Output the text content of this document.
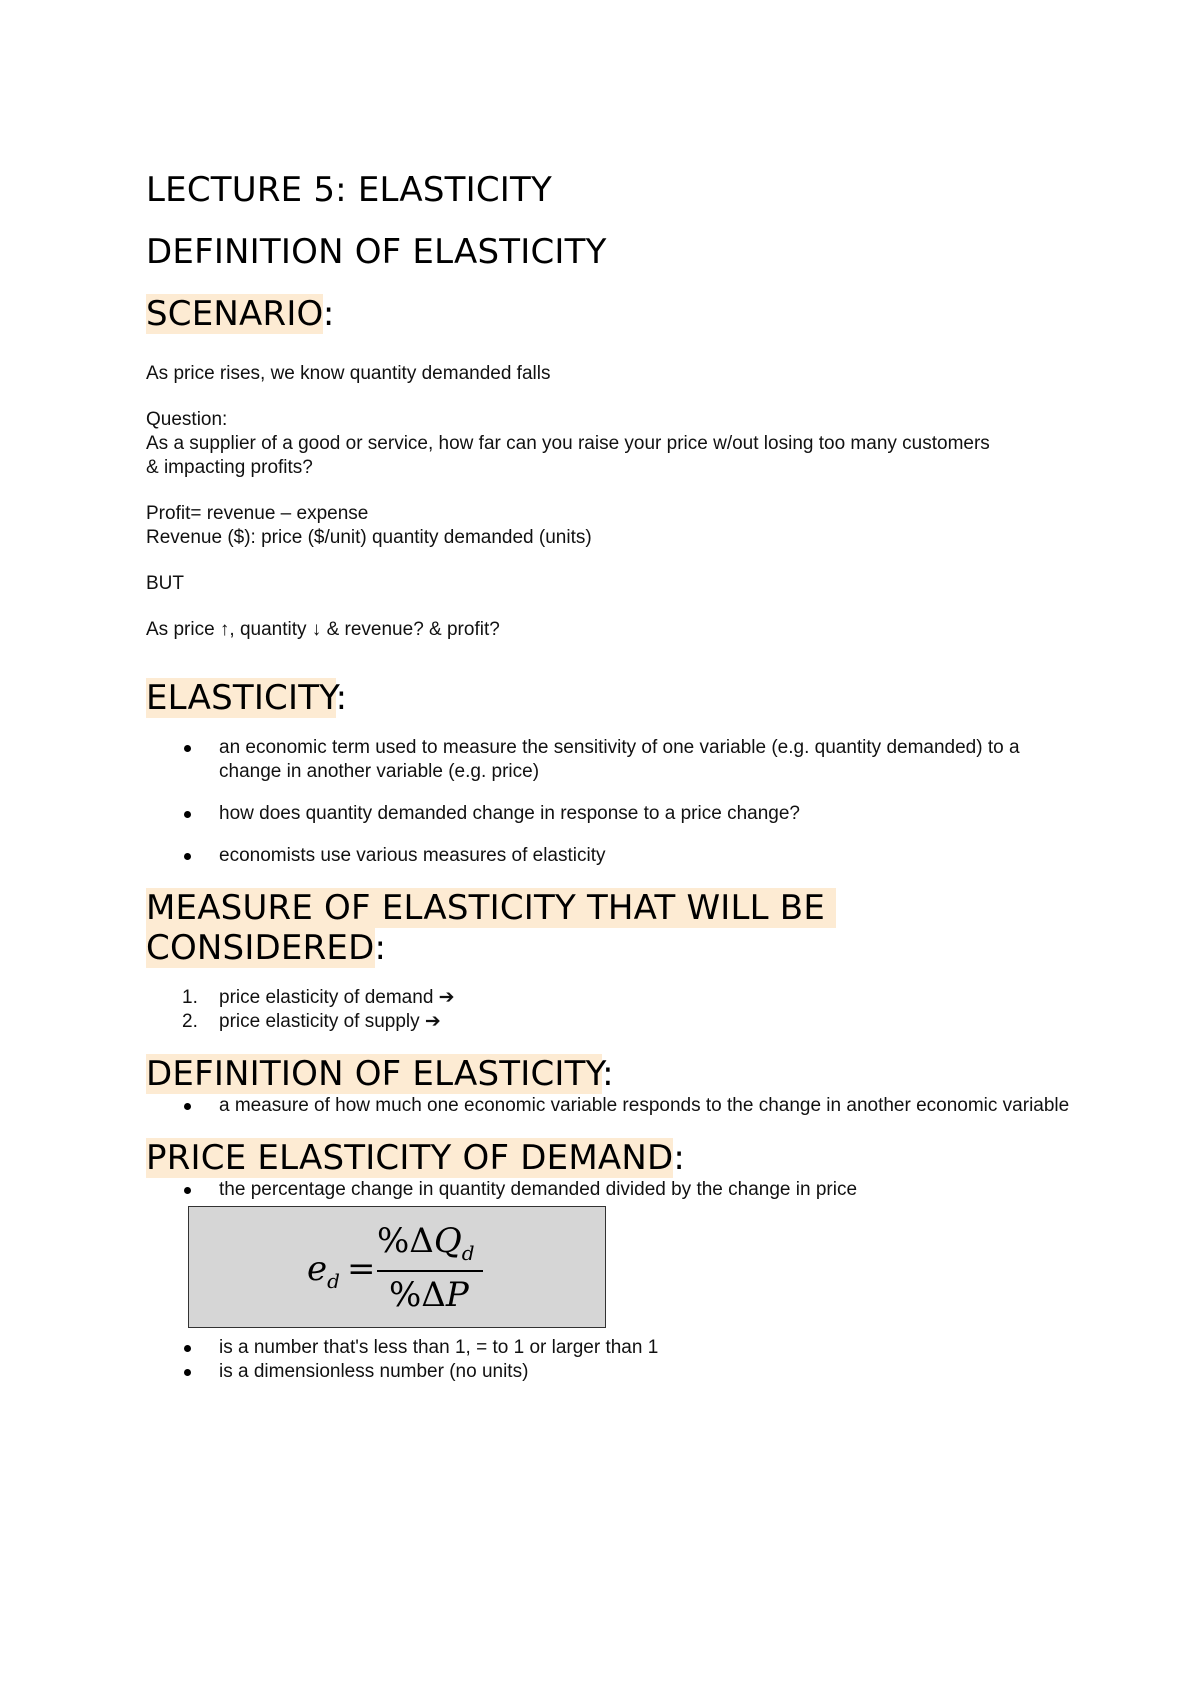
LECTURE 5: ELASTICITY
DEFINITION OF ELASTICITY
SCENARIO:

As price rises, we know quantity demanded falls

Question:

As a supplier of a good or service, how far can you raise your price w/out losing too many customers

& impacting profits?

Profit= revenue – expense

Revenue ($): price ($/unit) quantity demanded (units)

BUT

As price ↑, quantity ↓ & revenue? & profit?

ELASTICITY:
an economic term used to measure the sensitivity of one variable (e.g. quantity demanded) to a change in another variable (e.g. price)
how does quantity demanded change in response to a price change?
economists use various measures of elasticity
MEASURE OF ELASTICITY THAT WILL BE
CONSIDERED:
1. price elasticity of demand ➔
2. price elasticity of supply ➔
DEFINITION OF ELASTICITY:
a measure of how much one economic variable responds to the change in another economic variable
PRICE ELASTICITY OF DEMAND:
the percentage change in quantity demanded divided by the change in price
$e_d$ =
$\%\Delta Q_d$
%ΔP
is a number that's less than 1, = to 1 or larger than 1
is a dimensionless number (no units)
